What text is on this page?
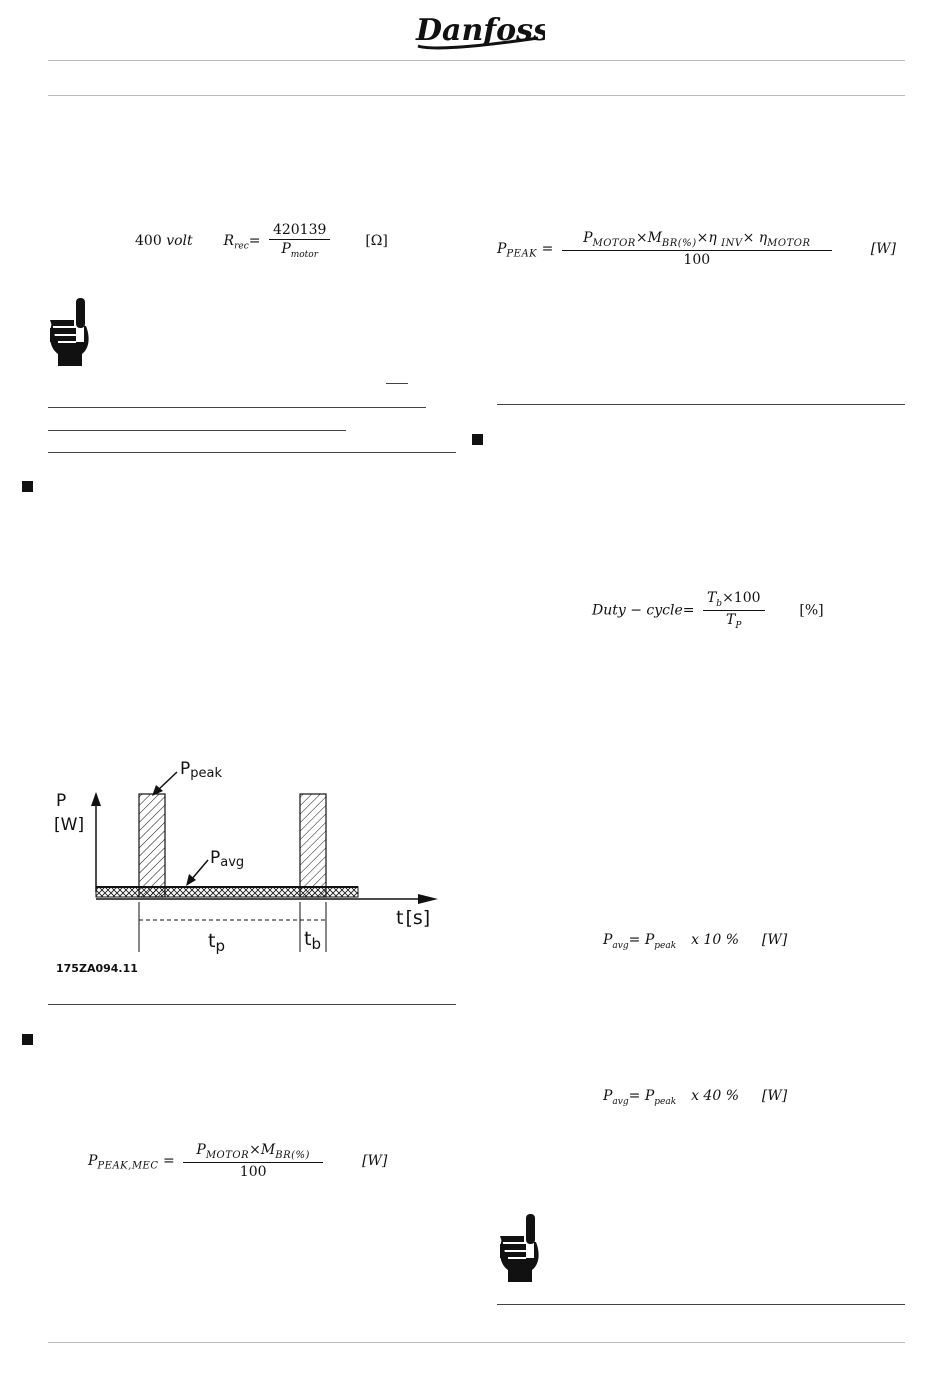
Danfoss
400 volt $R_{rec}= \frac{420139}{P_{motor}} [\Omega]$
Ppeak
Pavg
P
[W]
t [s]
$t_p$	$t_b$
175ZA094.11
$P_{PEAK,MEC} = \frac{P_{MOTOR}\times M_{BR(\%)}}{100}$	[W]
$P_{PEAK} = \frac{P_{MOTOR}\times M_{BR(\%)}\times\eta _{INV}\times \eta_{MOTOR}}{100}$	[W]
Duty − cycle= $\frac{T_b\times 100}{T_P}$ [%]
$P_{avg}= P_{peak}$ x 10 % [W]
$P_{avg}= P_{peak}$ x 40 % [W]
